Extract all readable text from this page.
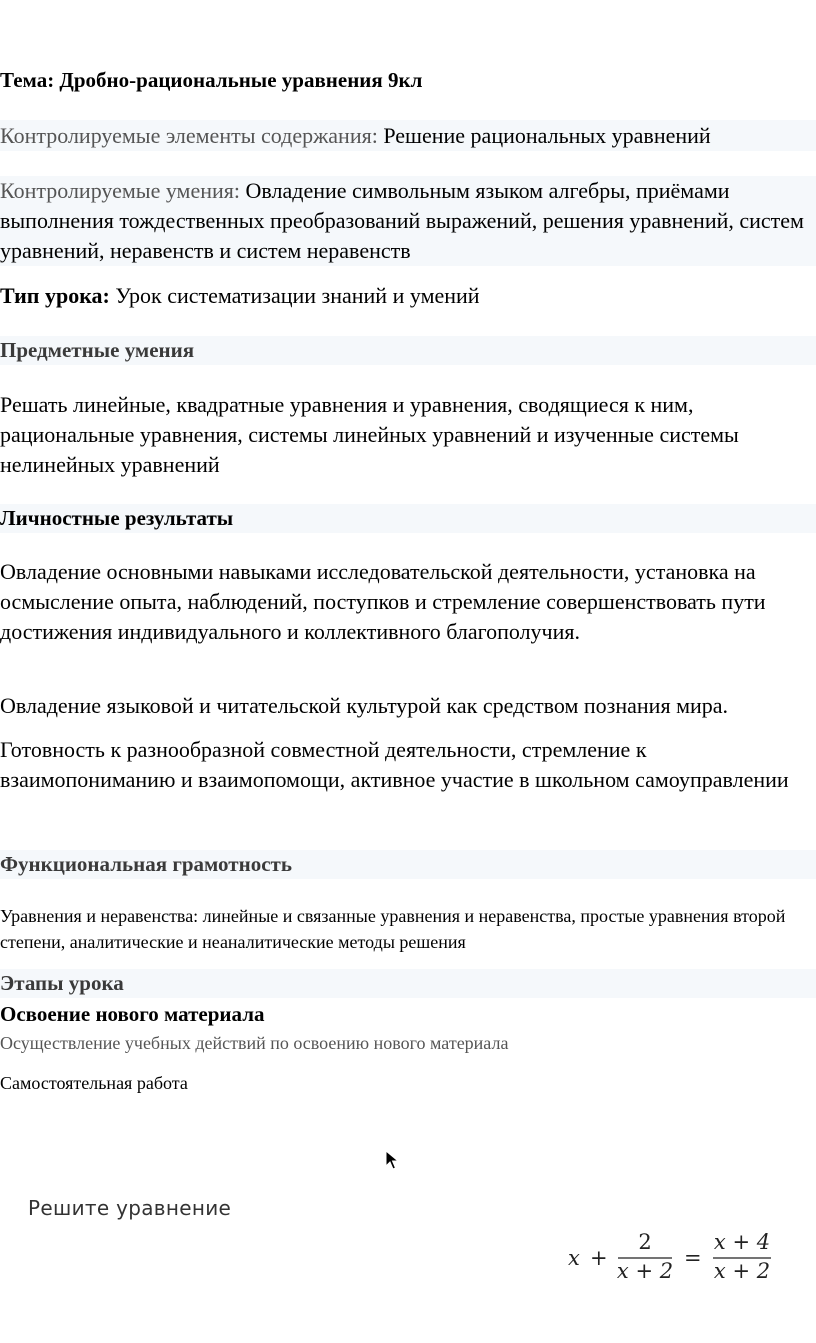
Тема: Дробно-рациональные уравнения 9кл

Контролируемые элементы содержания: Решение рациональных уравнений

Контролируемые умения: Овладение символьным языком алгебры, приёмами выполнения тождественных преобразований выражений, решения уравнений, систем уравнений, неравенств и систем неравенств

Тип урока: Урок систематизации знаний и умений

Предметные умения

Решать линейные, квадратные уравнения и уравнения, сводящиеся к ним, рациональные уравнения, системы линейных уравнений и изученные системы нелинейных уравнений

Личностные результаты

Овладение основными навыками исследовательской деятельности, установка на осмысление опыта, наблюдений, поступков и стремление совершенствовать пути достижения индивидуального и коллективного благополучия.

Овладение языковой и читательской культурой как средством познания мира.

Готовность к разнообразной совместной деятельности, стремление к взаимопониманию и взаимопомощи, активное участие в школьном самоуправлении

Функциональная грамотность

Уравнения и неравенства: линейные и связанные уравнения и неравенства, простые уравнения второй степени, аналитические и неаналитические методы решения

Этапы урока

Освоение нового материала

Осуществление учебных действий по освоению нового материала

Самостоятельная работа

Решите уравнение
x +
2
x + 2
=
x + 4
x + 2
